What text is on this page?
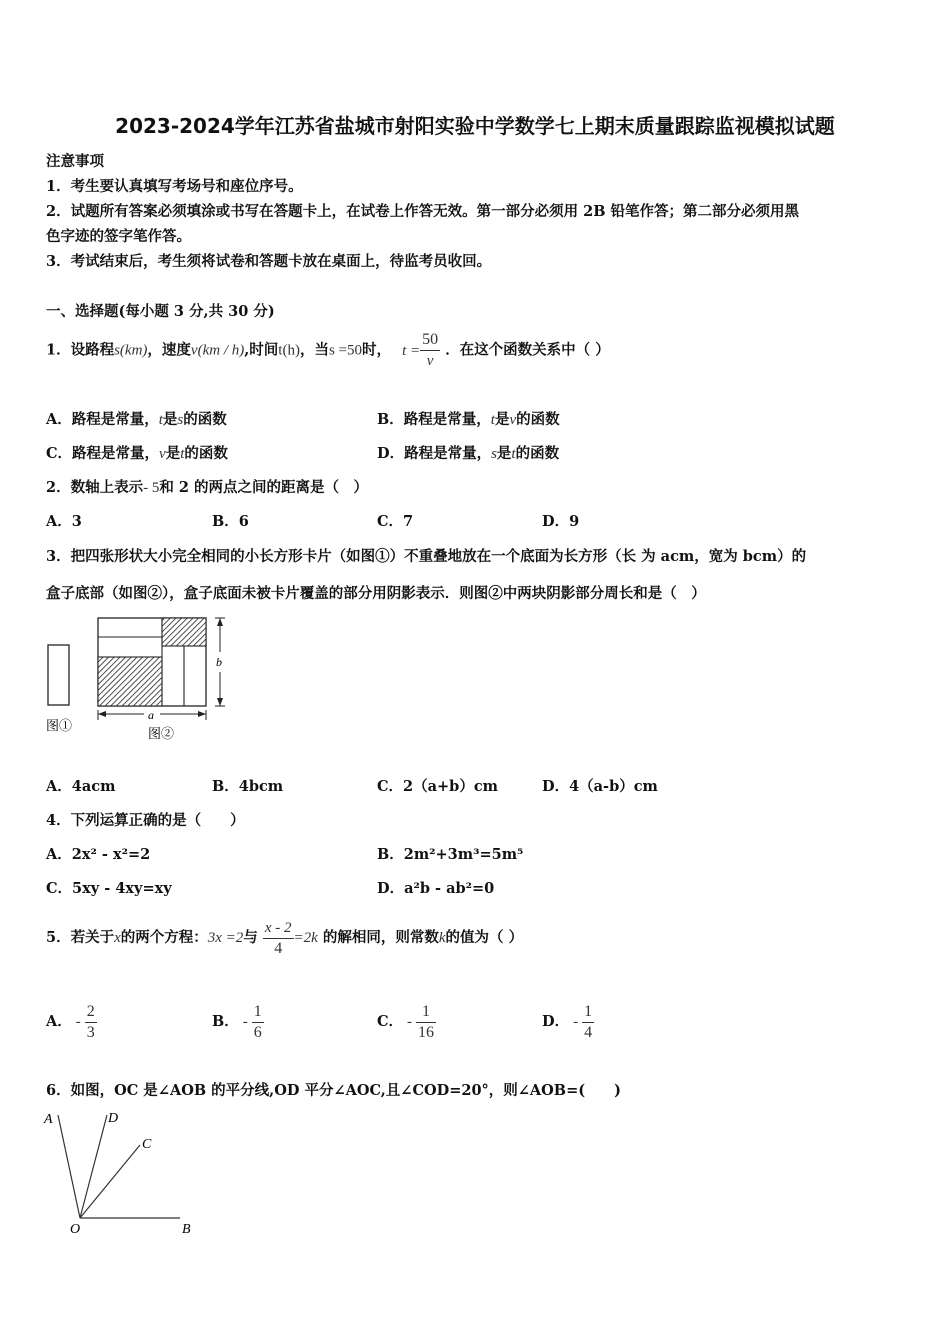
2023-2024学年江苏省盐城市射阳实验中学数学七上期末质量跟踪监视模拟试题
注意事项
1．考生要认真填写考场号和座位序号。
2．试题所有答案必须填涂或书写在答题卡上，在试卷上作答无效。第一部分必须用 2B 铅笔作答；第二部分必须用黑
色字迹的签字笔作答。
3．考试结束后，考生须将试卷和答题卡放在桌面上，待监考员收回。
一、选择题(每小题 3 分,共 30 分)
1．设路程s(km)，速度v(km / h),时间t(h)，当s =50时， $t = \frac{50}{v}$ ．在这个函数关系中（ ）
A．路程是常量，t是s的函数	B．路程是常量，t是v的函数
C．路程是常量，v是t的函数	D．路程是常量，s是t的函数
2．数轴上表示- 5和 2 的两点之间的距离是（　）
A．3	B．6	C．7	D．9
3．把四张形状大小完全相同的小长方形卡片（如图①）不重叠地放在一个底面为长方形（长 为 acm，宽为 bcm）的
盒子底部（如图②），盒子底面未被卡片覆盖的部分用阴影表示．则图②中两块阴影部分周长和是（　）
图①
b
a
图②
A．4acm	B．4bcm	C．2（a+b）cm	D．4（a-b）cm
4．下列运算正确的是（　　）
A．2x² - x²=2	B．2m²+3m³=5m⁵
C．5xy - 4xy=xy	D．a²b - ab²=0
5．若关于x的两个方程：3x =2与 $\frac{x - 2}{4} =2k$ 的解相同，则常数k的值为（ ）
A． - $\frac{2}{3}$	B． - $\frac{1}{6}$	C． - $\frac{1}{16}$	D． - $\frac{1}{4}$
6．如图，OC 是∠AOB 的平分线,OD 平分∠AOC,且∠COD=20°，则∠AOB=(　　)
A	D
C
O	B
